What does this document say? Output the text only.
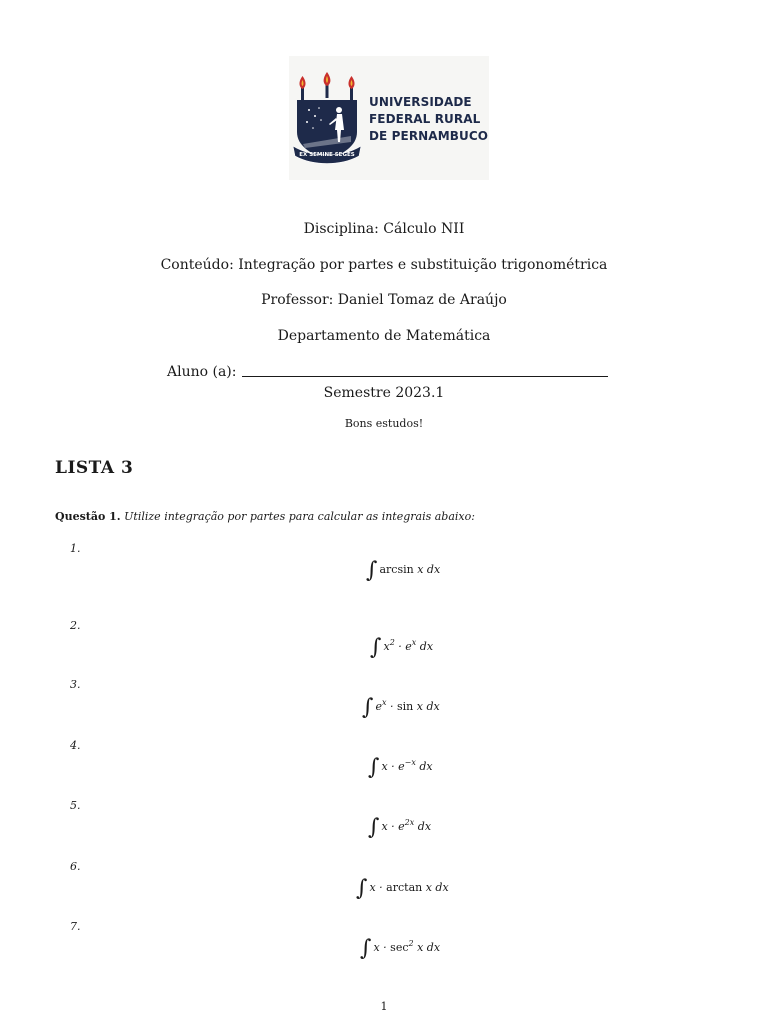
EX SEMINE SEGES
UNIVERSIDADE
FEDERAL RURAL
DE PERNAMBUCO
Disciplina: Cálculo NII
Conteúdo: Integração por partes e substituição trigonométrica
Professor: Daniel Tomaz de Araújo
Departamento de Matemática
Aluno (a):
Semestre 2023.1
Bons estudos!
LISTA 3
Questão 1. Utilize integração por partes para calcular as integrais abaixo:
1.
∫ arcsin x dx
2.
∫ $x^2 \cdot e^x$ dx
3.
∫ $e^x \cdot \sin x$ dx
4.
∫ $x \cdot e^{-x}$ dx
5.
∫ $x \cdot e^{2x}$ dx
6.
∫ x · arctan x dx
7.
∫ $x \cdot \sec^2 x$ dx
1
